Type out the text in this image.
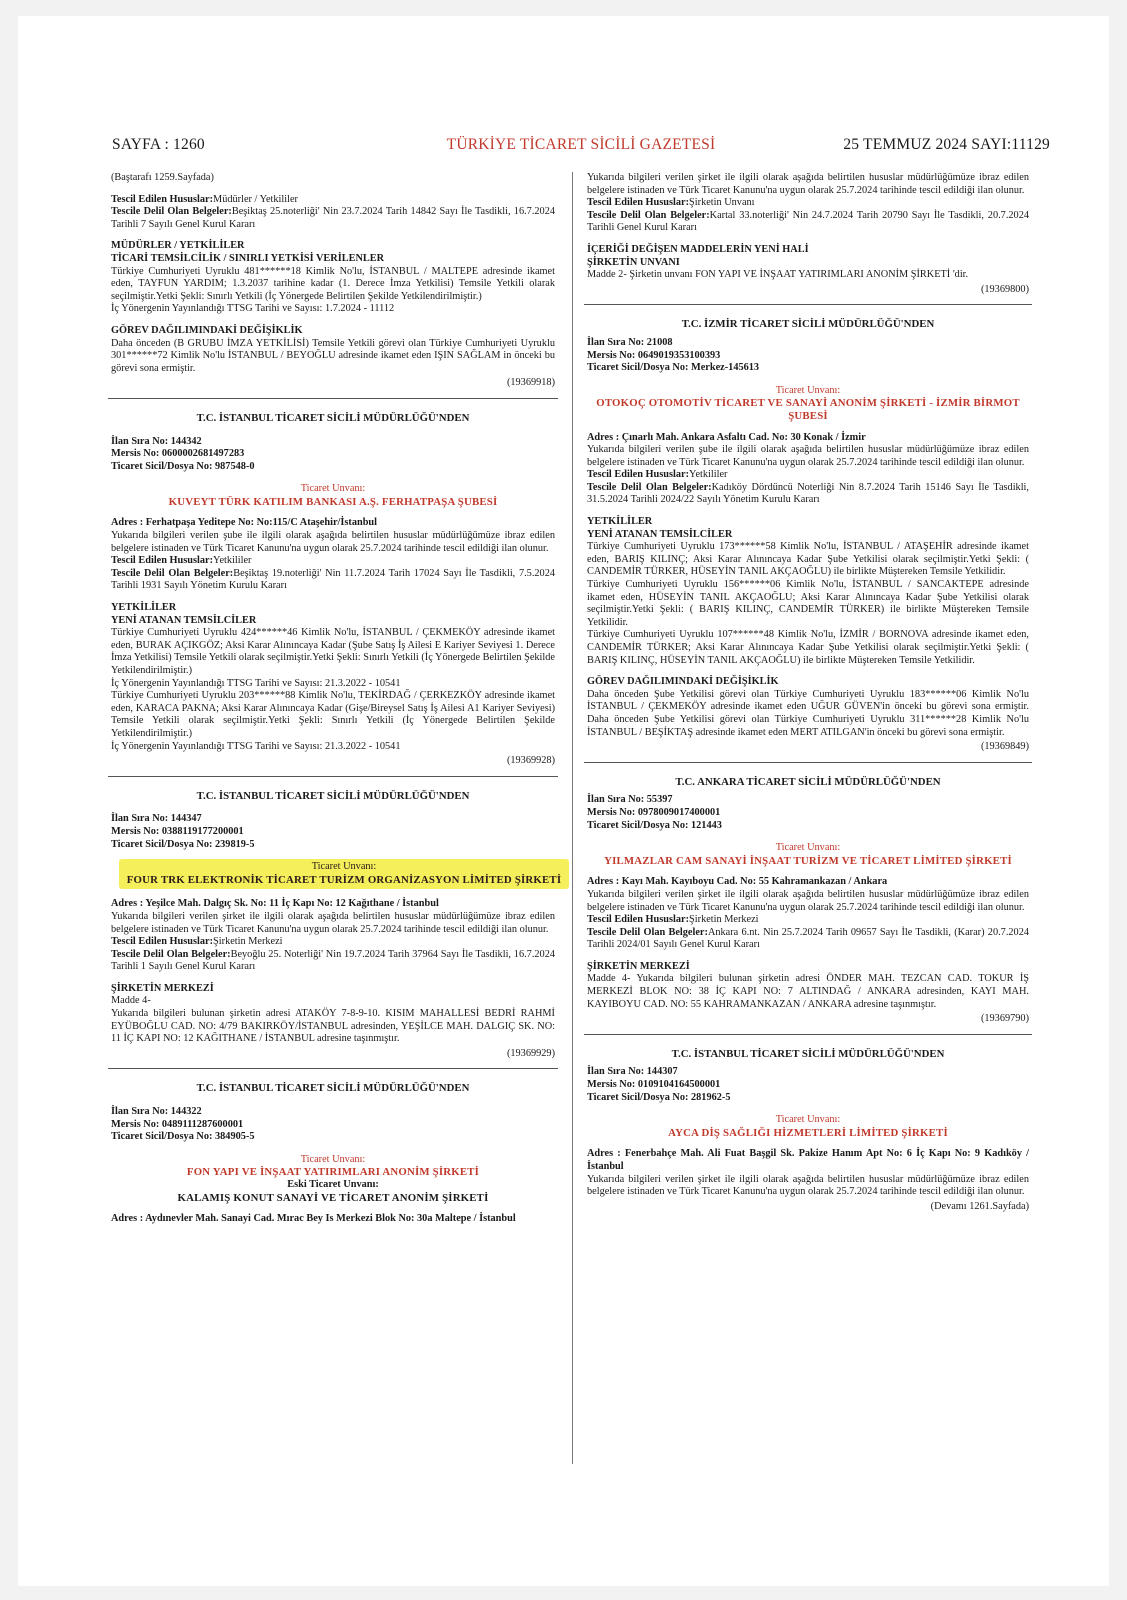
TÜRKİYE TİCARET SİCİLİ GAZETESİ
SAYFA : 1260	25 TEMMUZ 2024 SAYI:11129

(Baştarafı 1259.Sayfada)

Tescil Edilen Hususlar:Müdürler / Yetkililer

Tescile Delil Olan Belgeler:Beşiktaş 25.noterliği' Nin 23.7.2024 Tarih 14842 Sayı İle Tasdikli, 16.7.2024 Tarihli 7 Sayılı Genel Kurul Kararı

MÜDÜRLER / YETKİLİLER

TİCARİ TEMSİLCİLİK / SINIRLI YETKİSİ VERİLENLER

Türkiye Cumhuriyeti Uyruklu 481******18 Kimlik No'lu, İSTANBUL / MALTEPE adresinde ikamet eden, TAYFUN YARDIM; 1.3.2037 tarihine kadar (1. Derece İmza Yetkilisi) Temsile Yetkili olarak seçilmiştir.Yetki Şekli: Sınırlı Yetkili (İç Yönergede Belirtilen Şekilde Yetkilendirilmiştir.)

İç Yönergenin Yayınlandığı TTSG Tarihi ve Sayısı: 1.7.2024 - 11112

GÖREV DAĞILIMINDAKİ DEĞİŞİKLİK

Daha önceden (B GRUBU İMZA YETKİLİSİ) Temsile Yetkili görevi olan Türkiye Cumhuriyeti Uyruklu 301******72 Kimlik No'lu İSTANBUL / BEYOĞLU adresinde ikamet eden IŞIN SAĞLAM in önceki bu görevi sona ermiştir.

(19369918)

T.C. İSTANBUL TİCARET SİCİLİ MÜDÜRLÜĞÜ'NDEN

İlan Sıra No: 144342

Mersis No: 0600002681497283

Ticaret Sicil/Dosya No: 987548-0

Ticaret Unvanı:

KUVEYT TÜRK KATILIM BANKASI A.Ş. FERHATPAŞA ŞUBESİ

Adres : Ferhatpaşa Yeditepe No: No:115/C Ataşehir/İstanbul

Yukarıda bilgileri verilen şube ile ilgili olarak aşağıda belirtilen hususlar müdürlüğümüze ibraz edilen belgelere istinaden ve Türk Ticaret Kanunu'na uygun olarak 25.7.2024 tarihinde tescil edildiği ilan olunur.

Tescil Edilen Hususlar:Yetkililer

Tescile Delil Olan Belgeler:Beşiktaş 19.noterliği' Nin 11.7.2024 Tarih 17024 Sayı İle Tasdikli, 7.5.2024 Tarihli 1931 Sayılı Yönetim Kurulu Kararı

YETKİLİLER

YENİ ATANAN TEMSİLCİLER

Türkiye Cumhuriyeti Uyruklu 424******46 Kimlik No'lu, İSTANBUL / ÇEKMEKÖY adresinde ikamet eden, BURAK AÇIKGÖZ; Aksi Karar Alınıncaya Kadar (Şube Satış İş Ailesi E Kariyer Seviyesi 1. Derece İmza Yetkilisi) Temsile Yetkili olarak seçilmiştir.Yetki Şekli: Sınırlı Yetkili (İç Yönergede Belirtilen Şekilde Yetkilendirilmiştir.)

İç Yönergenin Yayınlandığı TTSG Tarihi ve Sayısı: 21.3.2022 - 10541

Türkiye Cumhuriyeti Uyruklu 203******88 Kimlik No'lu, TEKİRDAĞ / ÇERKEZKÖY adresinde ikamet eden, KARACA PAKNA; Aksi Karar Alınıncaya Kadar (Gişe/Bireysel Satış İş Ailesi A1 Kariyer Seviyesi) Temsile Yetkili olarak seçilmiştir.Yetki Şekli: Sınırlı Yetkili (İç Yönergede Belirtilen Şekilde Yetkilendirilmiştir.)

İç Yönergenin Yayınlandığı TTSG Tarihi ve Sayısı: 21.3.2022 - 10541

(19369928)

T.C. İSTANBUL TİCARET SİCİLİ MÜDÜRLÜĞÜ'NDEN

İlan Sıra No: 144347

Mersis No: 0388119177200001

Ticaret Sicil/Dosya No: 239819-5

Ticaret Unvanı:

FOUR TRK ELEKTRONİK TİCARET TURİZM ORGANİZASYON LİMİTED ŞİRKETİ

Adres : Yeşilce Mah. Dalgıç Sk. No: 11 İç Kapı No: 12 Kağıthane / İstanbul

Yukarıda bilgileri verilen şirket ile ilgili olarak aşağıda belirtilen hususlar müdürlüğümüze ibraz edilen belgelere istinaden ve Türk Ticaret Kanunu'na uygun olarak 25.7.2024 tarihinde tescil edildiği ilan olunur.

Tescil Edilen Hususlar:Şirketin Merkezi

Tescile Delil Olan Belgeler:Beyoğlu 25. Noterliği' Nin 19.7.2024 Tarih 37964 Sayı İle Tasdikli, 16.7.2024 Tarihli 1 Sayılı Genel Kurul Kararı

ŞİRKETİN MERKEZİ

Madde 4-

Yukarıda bilgileri bulunan şirketin adresi ATAKÖY 7-8-9-10. KISIM MAHALLESİ BEDRİ RAHMİ EYÜBOĞLU CAD. NO: 4/79 BAKIRKÖY/İSTANBUL adresinden, YEŞİLCE MAH. DALGIÇ SK. NO: 11 İÇ KAPI NO: 12 KAĞITHANE / İSTANBUL adresine taşınmıştır.

(19369929)

T.C. İSTANBUL TİCARET SİCİLİ MÜDÜRLÜĞÜ'NDEN

İlan Sıra No: 144322

Mersis No: 0489111287600001

Ticaret Sicil/Dosya No: 384905-5

Ticaret Unvanı:

FON YAPI VE İNŞAAT YATIRIMLARI ANONİM ŞİRKETİ

Eski Ticaret Unvanı:

KALAMIŞ KONUT SANAYİ VE TİCARET ANONİM ŞİRKETİ

Adres : Aydınevler Mah. Sanayi Cad. Mırac Bey Is Merkezi Blok No: 30a Maltepe / İstanbul

Yukarıda bilgileri verilen şirket ile ilgili olarak aşağıda belirtilen hususlar müdürlüğümüze ibraz edilen belgelere istinaden ve Türk Ticaret Kanunu'na uygun olarak 25.7.2024 tarihinde tescil edildiği ilan olunur.

Tescil Edilen Hususlar:Şirketin Unvanı

Tescile Delil Olan Belgeler:Kartal 33.noterliği' Nin 24.7.2024 Tarih 20790 Sayı İle Tasdikli, 20.7.2024 Tarihli Genel Kurul Kararı

İÇERİĞİ DEĞİŞEN MADDELERİN YENİ HALİ

ŞİRKETİN UNVANI

Madde 2- Şirketin unvanı FON YAPI VE İNŞAAT YATIRIMLARI ANONİM ŞİRKETİ 'dir.

(19369800)

T.C. İZMİR TİCARET SİCİLİ MÜDÜRLÜĞÜ'NDEN

İlan Sıra No: 21008

Mersis No: 0649019353100393

Ticaret Sicil/Dosya No: Merkez-145613

Ticaret Unvanı:

OTOKOÇ OTOMOTİV TİCARET VE SANAYİ ANONİM ŞİRKETİ - İZMİR BİRMOT ŞUBESİ

Adres : Çınarlı Mah. Ankara Asfaltı Cad. No: 30 Konak / İzmir

Yukarıda bilgileri verilen şube ile ilgili olarak aşağıda belirtilen hususlar müdürlüğümüze ibraz edilen belgelere istinaden ve Türk Ticaret Kanunu'na uygun olarak 25.7.2024 tarihinde tescil edildiği ilan olunur.

Tescil Edilen Hususlar:Yetkililer

Tescile Delil Olan Belgeler:Kadıköy Dördüncü Noterliği Nin 8.7.2024 Tarih 15146 Sayı İle Tasdikli, 31.5.2024 Tarihli 2024/22 Sayılı Yönetim Kurulu Kararı

YETKİLİLER

YENİ ATANAN TEMSİLCİLER

Türkiye Cumhuriyeti Uyruklu 173******58 Kimlik No'lu, İSTANBUL / ATAŞEHİR adresinde ikamet eden, BARIŞ KILINÇ; Aksi Karar Alınıncaya Kadar Şube Yetkilisi olarak seçilmiştir.Yetki Şekli: ( CANDEMİR TÜRKER, HÜSEYİN TANIL AKÇAOĞLU) ile birlikte Müştereken Temsile Yetkilidir.

Türkiye Cumhuriyeti Uyruklu 156******06 Kimlik No'lu, İSTANBUL / SANCAKTEPE adresinde ikamet eden, HÜSEYİN TANIL AKÇAOĞLU; Aksi Karar Alınıncaya Kadar Şube Yetkilisi olarak seçilmiştir.Yetki Şekli: ( BARIŞ KILINÇ, CANDEMİR TÜRKER) ile birlikte Müştereken Temsile Yetkilidir.

Türkiye Cumhuriyeti Uyruklu 107******48 Kimlik No'lu, İZMİR / BORNOVA adresinde ikamet eden, CANDEMİR TÜRKER; Aksi Karar Alınıncaya Kadar Şube Yetkilisi olarak seçilmiştir.Yetki Şekli: ( BARIŞ KILINÇ, HÜSEYİN TANIL AKÇAOĞLU) ile birlikte Müştereken Temsile Yetkilidir.

GÖREV DAĞILIMINDAKİ DEĞİŞİKLİK

Daha önceden Şube Yetkilisi görevi olan Türkiye Cumhuriyeti Uyruklu 183******06 Kimlik No'lu İSTANBUL / ÇEKMEKÖY adresinde ikamet eden UĞUR GÜVEN'in önceki bu görevi sona ermiştir. Daha önceden Şube Yetkilisi görevi olan Türkiye Cumhuriyeti Uyruklu 311******28 Kimlik No'lu İSTANBUL / BEŞİKTAŞ adresinde ikamet eden MERT ATILGAN'in önceki bu görevi sona ermiştir.

(19369849)

T.C. ANKARA TİCARET SİCİLİ MÜDÜRLÜĞÜ'NDEN

İlan Sıra No: 55397

Mersis No: 0978009017400001

Ticaret Sicil/Dosya No: 121443

Ticaret Unvanı:

YILMAZLAR CAM SANAYİ İNŞAAT TURİZM VE TİCARET LİMİTED ŞİRKETİ

Adres : Kayı Mah. Kayıboyu Cad. No: 55 Kahramankazan / Ankara

Yukarıda bilgileri verilen şirket ile ilgili olarak aşağıda belirtilen hususlar müdürlüğümüze ibraz edilen belgelere istinaden ve Türk Ticaret Kanunu'na uygun olarak 25.7.2024 tarihinde tescil edildiği ilan olunur.

Tescil Edilen Hususlar:Şirketin Merkezi

Tescile Delil Olan Belgeler:Ankara 6.nt. Nin 25.7.2024 Tarih 09657 Sayı İle Tasdikli, (Karar) 20.7.2024 Tarihli 2024/01 Sayılı Genel Kurul Kararı

ŞİRKETİN MERKEZİ

Madde 4- Yukarıda bilgileri bulunan şirketin adresi ÖNDER MAH. TEZCAN CAD. TOKUR İŞ MERKEZİ BLOK NO: 38 İÇ KAPI NO: 7 ALTINDAĞ / ANKARA adresinden, KAYI MAH. KAYIBOYU CAD. NO: 55 KAHRAMANKAZAN / ANKARA adresine taşınmıştır.

(19369790)

T.C. İSTANBUL TİCARET SİCİLİ MÜDÜRLÜĞÜ'NDEN

İlan Sıra No: 144307

Mersis No: 0109104164500001

Ticaret Sicil/Dosya No: 281962-5

Ticaret Unvanı:

AYCA DİŞ SAĞLIĞI HİZMETLERİ LİMİTED ŞİRKETİ

Adres : Fenerbahçe Mah. Ali Fuat Başgil Sk. Pakize Hanım Apt No: 6 İç Kapı No: 9 Kadıköy / İstanbul

Yukarıda bilgileri verilen şirket ile ilgili olarak aşağıda belirtilen hususlar müdürlüğümüze ibraz edilen belgelere istinaden ve Türk Ticaret Kanunu'na uygun olarak 25.7.2024 tarihinde tescil edildiği ilan olunur.

(Devamı 1261.Sayfada)
